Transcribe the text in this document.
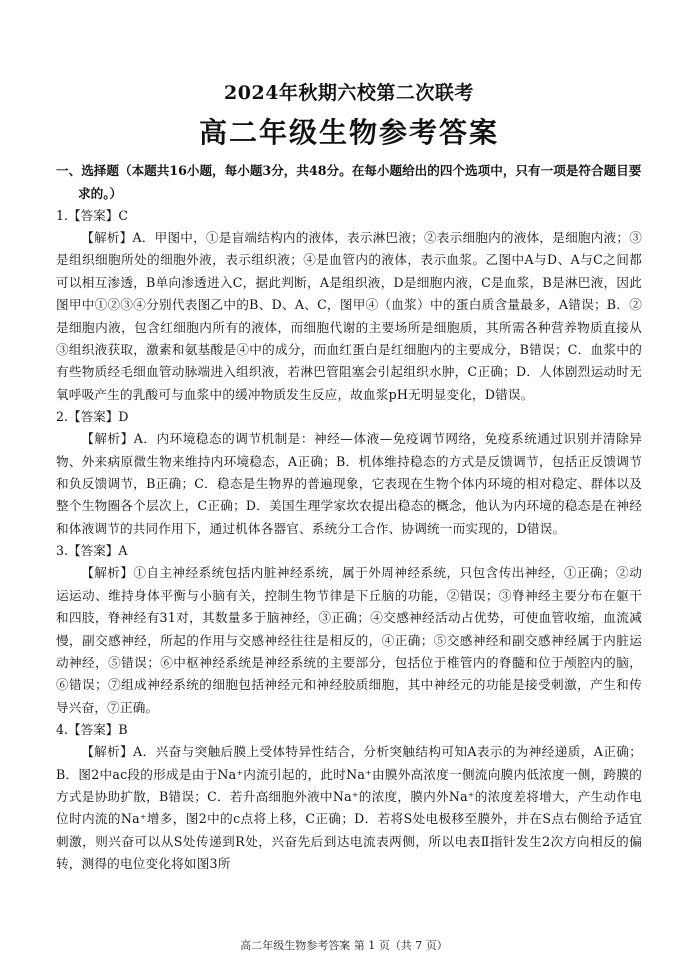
2024年秋期六校第二次联考
高二年级生物参考答案

一、选择题（本题共16小题，每小题3分，共48分。在每小题给出的四个选项中，只有一项是符合题目要求的。）

1.【答案】C

【解析】A．甲图中，①是盲端结构内的液体，表示淋巴液；②表示细胞内的液体，是细胞内液；③是组织细胞所处的细胞外液，表示组织液；④是血管内的液体，表示血浆。乙图中A与D、A与C之间都可以相互渗透，B单向渗透进入C，据此判断，A是组织液，D是细胞内液，C是血浆，B是淋巴液，因此图甲中①②③④分别代表图乙中的B、D、A、C，图甲④（血浆）中的蛋白质含量最多，A错误；B．②是细胞内液，包含红细胞内所有的液体，而细胞代谢的主要场所是细胞质，其所需各种营养物质直接从③组织液获取，激素和氨基酸是④中的成分，而血红蛋白是红细胞内的主要成分，B错误；C．血浆中的有些物质经毛细血管动脉端进入组织液，若淋巴管阻塞会引起组织水肿，C正确；D．人体剧烈运动时无氧呼吸产生的乳酸可与血浆中的缓冲物质发生反应，故血浆pH无明显变化，D错误。

2.【答案】D

【解析】A．内环境稳态的调节机制是：神经—体液—免疫调节网络，免疫系统通过识别并清除异物、外来病原微生物来维持内环境稳态，A正确；B．机体维持稳态的方式是反馈调节，包括正反馈调节和负反馈调节，B正确；C．稳态是生物界的普遍现象，它表现在生物个体内环境的相对稳定、群体以及整个生物圈各个层次上，C正确；D．美国生理学家坎农提出稳态的概念，他认为内环境的稳态是在神经和体液调节的共同作用下，通过机体各器官、系统分工合作、协调统一而实现的，D错误。

3.【答案】A

【解析】①自主神经系统包括内脏神经系统，属于外周神经系统，只包含传出神经，①正确；②动运运动、维持身体平衡与小脑有关，控制生物节律是下丘脑的功能，②错误；③脊神经主要分布在躯干和四肢，脊神经有31对，其数量多于脑神经，③正确；④交感神经活动占优势，可使血管收缩，血流减慢，副交感神经，所起的作用与交感神经往往是相反的，④正确；⑤交感神经和副交感神经属于内脏运动神经，⑤错误；⑥中枢神经系统是神经系统的主要部分，包括位于椎管内的脊髓和位于颅腔内的脑，⑥错误；⑦组成神经系统的细胞包括神经元和神经胶质细胞，其中神经元的功能是接受刺激，产生和传导兴奋，⑦正确。

4.【答案】B

【解析】A．兴奋与突触后膜上受体特异性结合，分析突触结构可知A表示的为神经递质，A正确；B．图2中ac段的形成是由于Na⁺内流引起的，此时Na⁺由膜外高浓度一侧流向膜内低浓度一侧，跨膜的方式是协助扩散，B错误；C．若升高细胞外液中Na⁺的浓度，膜内外Na⁺的浓度差将增大，产生动作电位时内流的Na⁺增多，图2中的c点将上移，C正确；D．若将S处电极移至膜外，并在S点右侧给予适宜刺激，则兴奋可以从S处传递到R处，兴奋先后到达电流表两侧，所以电表Ⅱ指针发生2次方向相反的偏转，测得的电位变化将如图3所

高二年级生物参考答案 第 1 页（共 7 页）
